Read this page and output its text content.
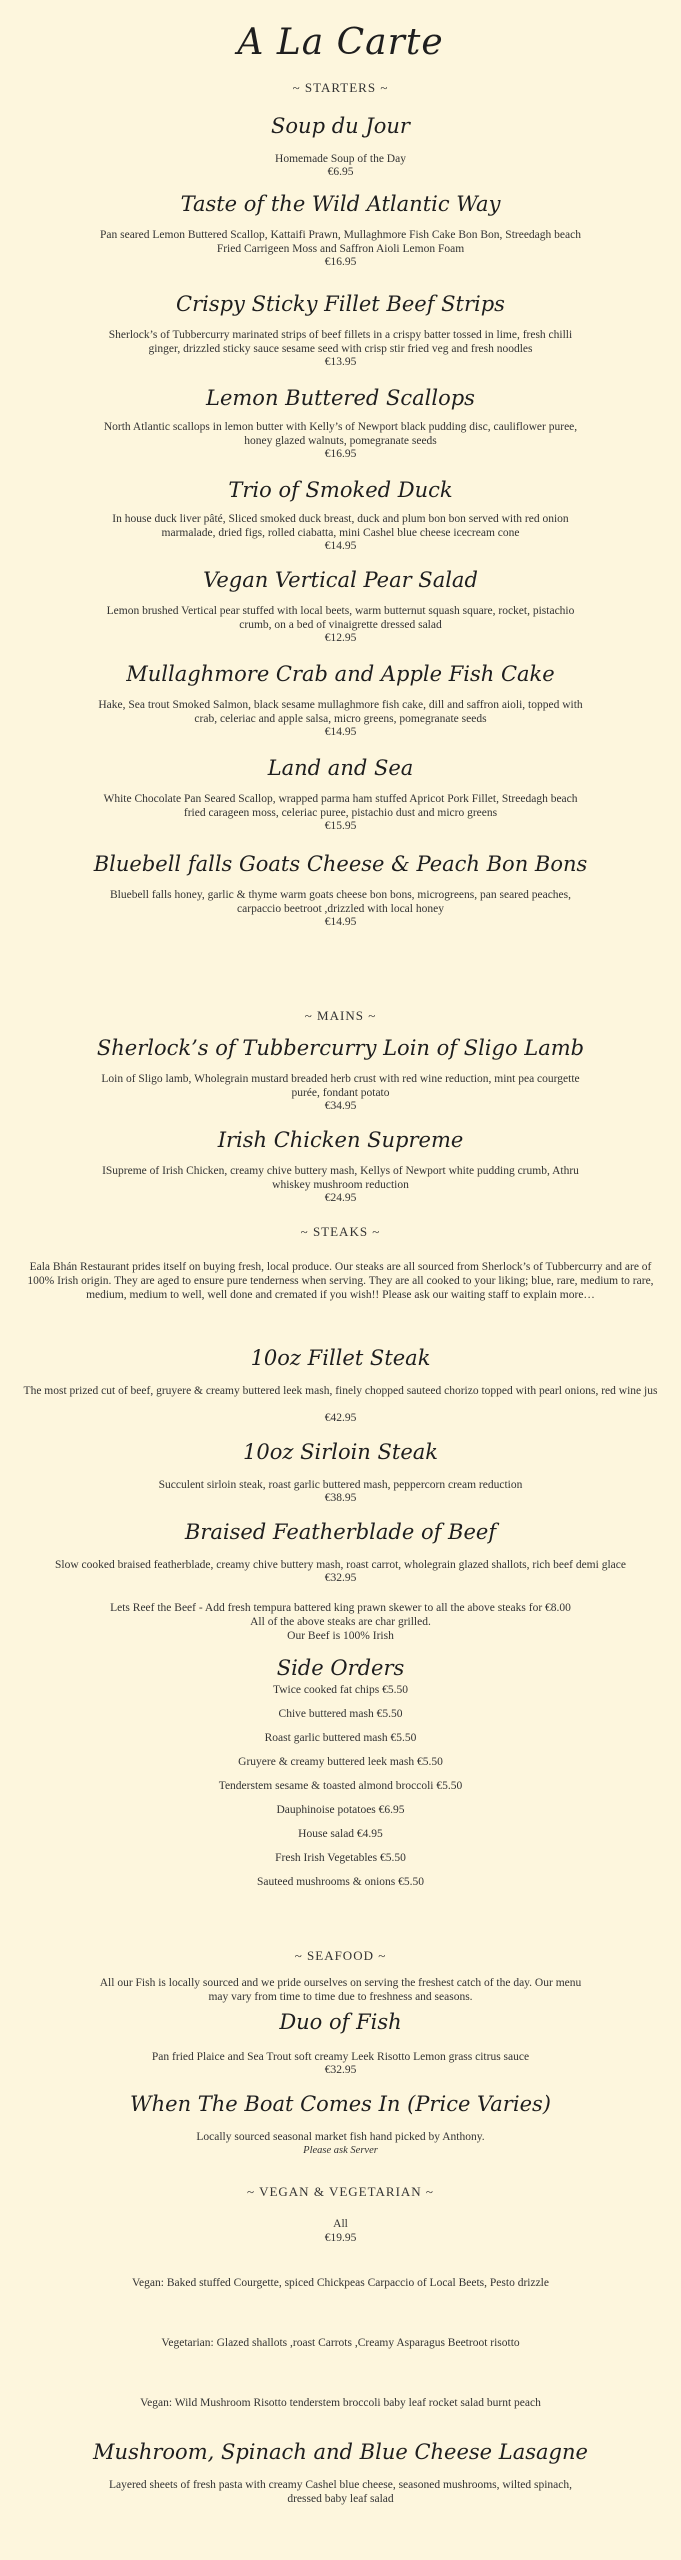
A La Carte
~ STARTERS ~
Soup du Jour
Homemade Soup of the Day
€6.95
Taste of the Wild Atlantic Way
Pan seared Lemon Buttered Scallop, Kattaifi Prawn, Mullaghmore Fish Cake Bon Bon, Streedagh beach Fried Carrigeen Moss and Saffron Aioli Lemon Foam
€16.95
Crispy Sticky Fillet Beef Strips
Sherlock’s of Tubbercurry marinated strips of beef fillets in a crispy batter tossed in lime, fresh chilli ginger, drizzled sticky sauce sesame seed with crisp stir fried veg and fresh noodles
€13.95
Lemon Buttered Scallops
North Atlantic scallops in lemon butter with Kelly’s of Newport black pudding disc, cauliflower puree, honey glazed walnuts, pomegranate seeds
€16.95
Trio of Smoked Duck
In house duck liver pâté, Sliced smoked duck breast, duck and plum bon bon served with red onion marmalade, dried figs, rolled ciabatta, mini Cashel blue cheese icecream cone
€14.95
Vegan Vertical Pear Salad
Lemon brushed Vertical pear stuffed with local beets, warm butternut squash square, rocket, pistachio crumb, on a bed of vinaigrette dressed salad
€12.95
Mullaghmore Crab and Apple Fish Cake
Hake, Sea trout Smoked Salmon, black sesame mullaghmore fish cake, dill and saffron aioli, topped with crab, celeriac and apple salsa, micro greens, pomegranate seeds
€14.95
Land and Sea
White Chocolate Pan Seared Scallop, wrapped parma ham stuffed Apricot Pork Fillet, Streedagh beach fried carageen moss, celeriac puree, pistachio dust and micro greens
€15.95
Bluebell falls Goats Cheese & Peach Bon Bons
Bluebell falls honey, garlic & thyme warm goats cheese bon bons, microgreens, pan seared peaches, carpaccio beetroot ,drizzled with local honey
€14.95
~ MAINS ~
Sherlock’s of Tubbercurry Loin of Sligo Lamb
Loin of Sligo lamb, Wholegrain mustard breaded herb crust with red wine reduction, mint pea courgette purée, fondant potato
€34.95
Irish Chicken Supreme
ISupreme of Irish Chicken, creamy chive buttery mash, Kellys of Newport white pudding crumb, Athru whiskey mushroom reduction
€24.95
~ STEAKS ~
Eala Bhán Restaurant prides itself on buying fresh, local produce. Our steaks are all sourced from Sherlock’s of Tubbercurry and are of 100% Irish origin. They are aged to ensure pure tenderness when serving. They are all cooked to your liking; blue, rare, medium to rare, medium, medium to well, well done and cremated if you wish!! Please ask our waiting staff to explain more…
10oz Fillet Steak
The most prized cut of beef, gruyere & creamy buttered leek mash, finely chopped sauteed chorizo topped with pearl onions, red wine jus
€42.95
10oz Sirloin Steak
Succulent sirloin steak, roast garlic buttered mash, peppercorn cream reduction
€38.95
Braised Featherblade of Beef
Slow cooked braised featherblade, creamy chive buttery mash, roast carrot, wholegrain glazed shallots, rich beef demi glace
€32.95
Lets Reef the Beef - Add fresh tempura battered king prawn skewer to all the above steaks for €8.00
All of the above steaks are char grilled.
Our Beef is 100% Irish
Side Orders
Twice cooked fat chips €5.50
Chive buttered mash €5.50
Roast garlic buttered mash €5.50
Gruyere & creamy buttered leek mash €5.50
Tenderstem sesame & toasted almond broccoli €5.50
Dauphinoise potatoes €6.95
House salad €4.95
Fresh Irish Vegetables €5.50
Sauteed mushrooms & onions €5.50
~ SEAFOOD ~
All our Fish is locally sourced and we pride ourselves on serving the freshest catch of the day. Our menu may vary from time to time due to freshness and seasons.
Duo of Fish
Pan fried Plaice and Sea Trout soft creamy Leek Risotto Lemon grass citrus sauce
€32.95
When The Boat Comes In (Price Varies)
Locally sourced seasonal market fish hand picked by Anthony.
Please ask Server
~ VEGAN & VEGETARIAN ~
All
€19.95
Vegan: Baked stuffed Courgette, spiced Chickpeas Carpaccio of Local Beets, Pesto drizzle
Vegetarian: Glazed shallots ,roast Carrots ,Creamy Asparagus Beetroot risotto
Vegan: Wild Mushroom Risotto tenderstem broccoli baby leaf rocket salad burnt peach
Mushroom, Spinach and Blue Cheese Lasagne
Layered sheets of fresh pasta with creamy Cashel blue cheese, seasoned mushrooms, wilted spinach, dressed baby leaf salad
